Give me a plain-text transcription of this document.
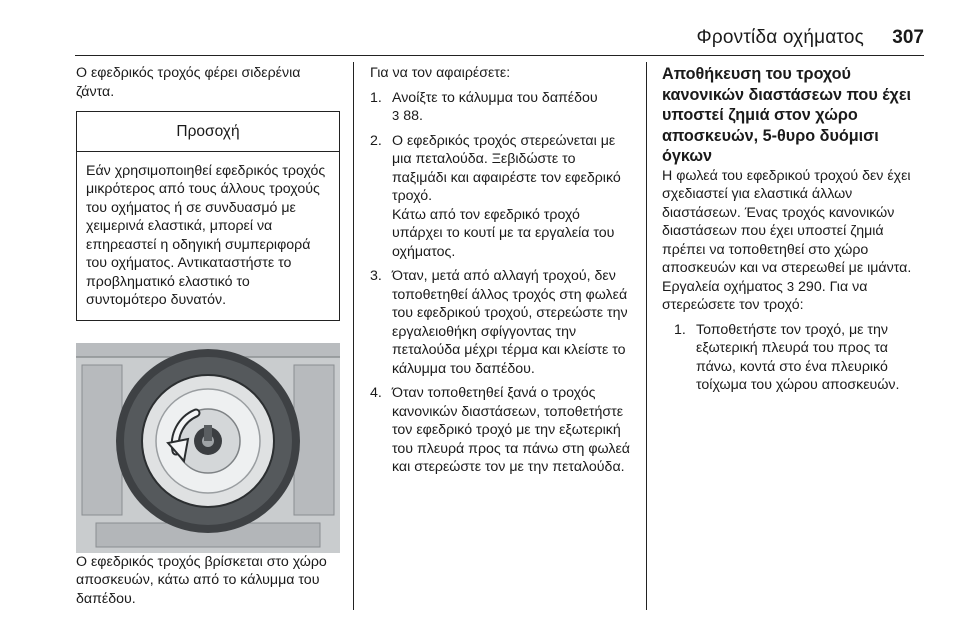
Φροντίδα οχήματος 307

Ο εφεδρικός τροχός φέρει σιδερένια ζάντα.

Προσοχή
Εάν χρησιμοποιηθεί εφεδρικός τροχός μικρότερος από τους άλλους τροχούς του οχήματος ή σε συνδυασμό με χειμερινά ελαστικά, μπορεί να επηρεαστεί η οδηγική συμπεριφορά του οχήματος. Αντικαταστήστε το προβληματικό ελαστικό το συντομότερο δυνατόν.

Ο εφεδρικός τροχός βρίσκεται στο χώρο αποσκευών, κάτω από το κάλυμμα του δαπέδου.

Για να τον αφαιρέσετε:

1. Ανοίξτε το κάλυμμα του δαπέδου
3 88.
2. Ο εφεδρικός τροχός στερεώνεται με μια πεταλούδα. Ξεβιδώστε το παξιμάδι και αφαιρέστε τον εφεδρικό τροχό.

Κάτω από τον εφεδρικό τροχό υπάρχει το κουτί με τα εργαλεία του οχήματος.

3. Όταν, μετά από αλλαγή τροχού, δεν τοποθετηθεί άλλος τροχός στη φωλεά του εφεδρικού τροχού, στερεώστε την εργαλειοθήκη σφίγγοντας την πεταλούδα μέχρι τέρμα και κλείστε το κάλυμμα του δαπέδου.
4. Όταν τοποθετηθεί ξανά ο τροχός κανονικών διαστάσεων, τοποθετήστε τον εφεδρικό τροχό με την εξωτερική του πλευρά προς τα πάνω στη φωλεά και στερεώστε τον με την πεταλούδα.

Αποθήκευση του τροχού κανονικών διαστάσεων που έχει υποστεί ζημιά στον χώρο αποσκευών, 5-θυρο δυόμισι όγκων

Η φωλεά του εφεδρικού τροχού δεν έχει σχεδιαστεί για ελαστικά άλλων διαστάσεων. Ένας τροχός κανονικών διαστάσεων που έχει υποστεί ζημιά πρέπει να τοποθετηθεί στο χώρο αποσκευών και να στερεωθεί με ιμάντα. Εργαλεία οχήματος 3 290. Για να στερεώσετε τον τροχό:

1. Τοποθετήστε τον τροχό, με την εξωτερική πλευρά του προς τα πάνω, κοντά στο ένα πλευρικό τοίχωμα του χώρου αποσκευών.
